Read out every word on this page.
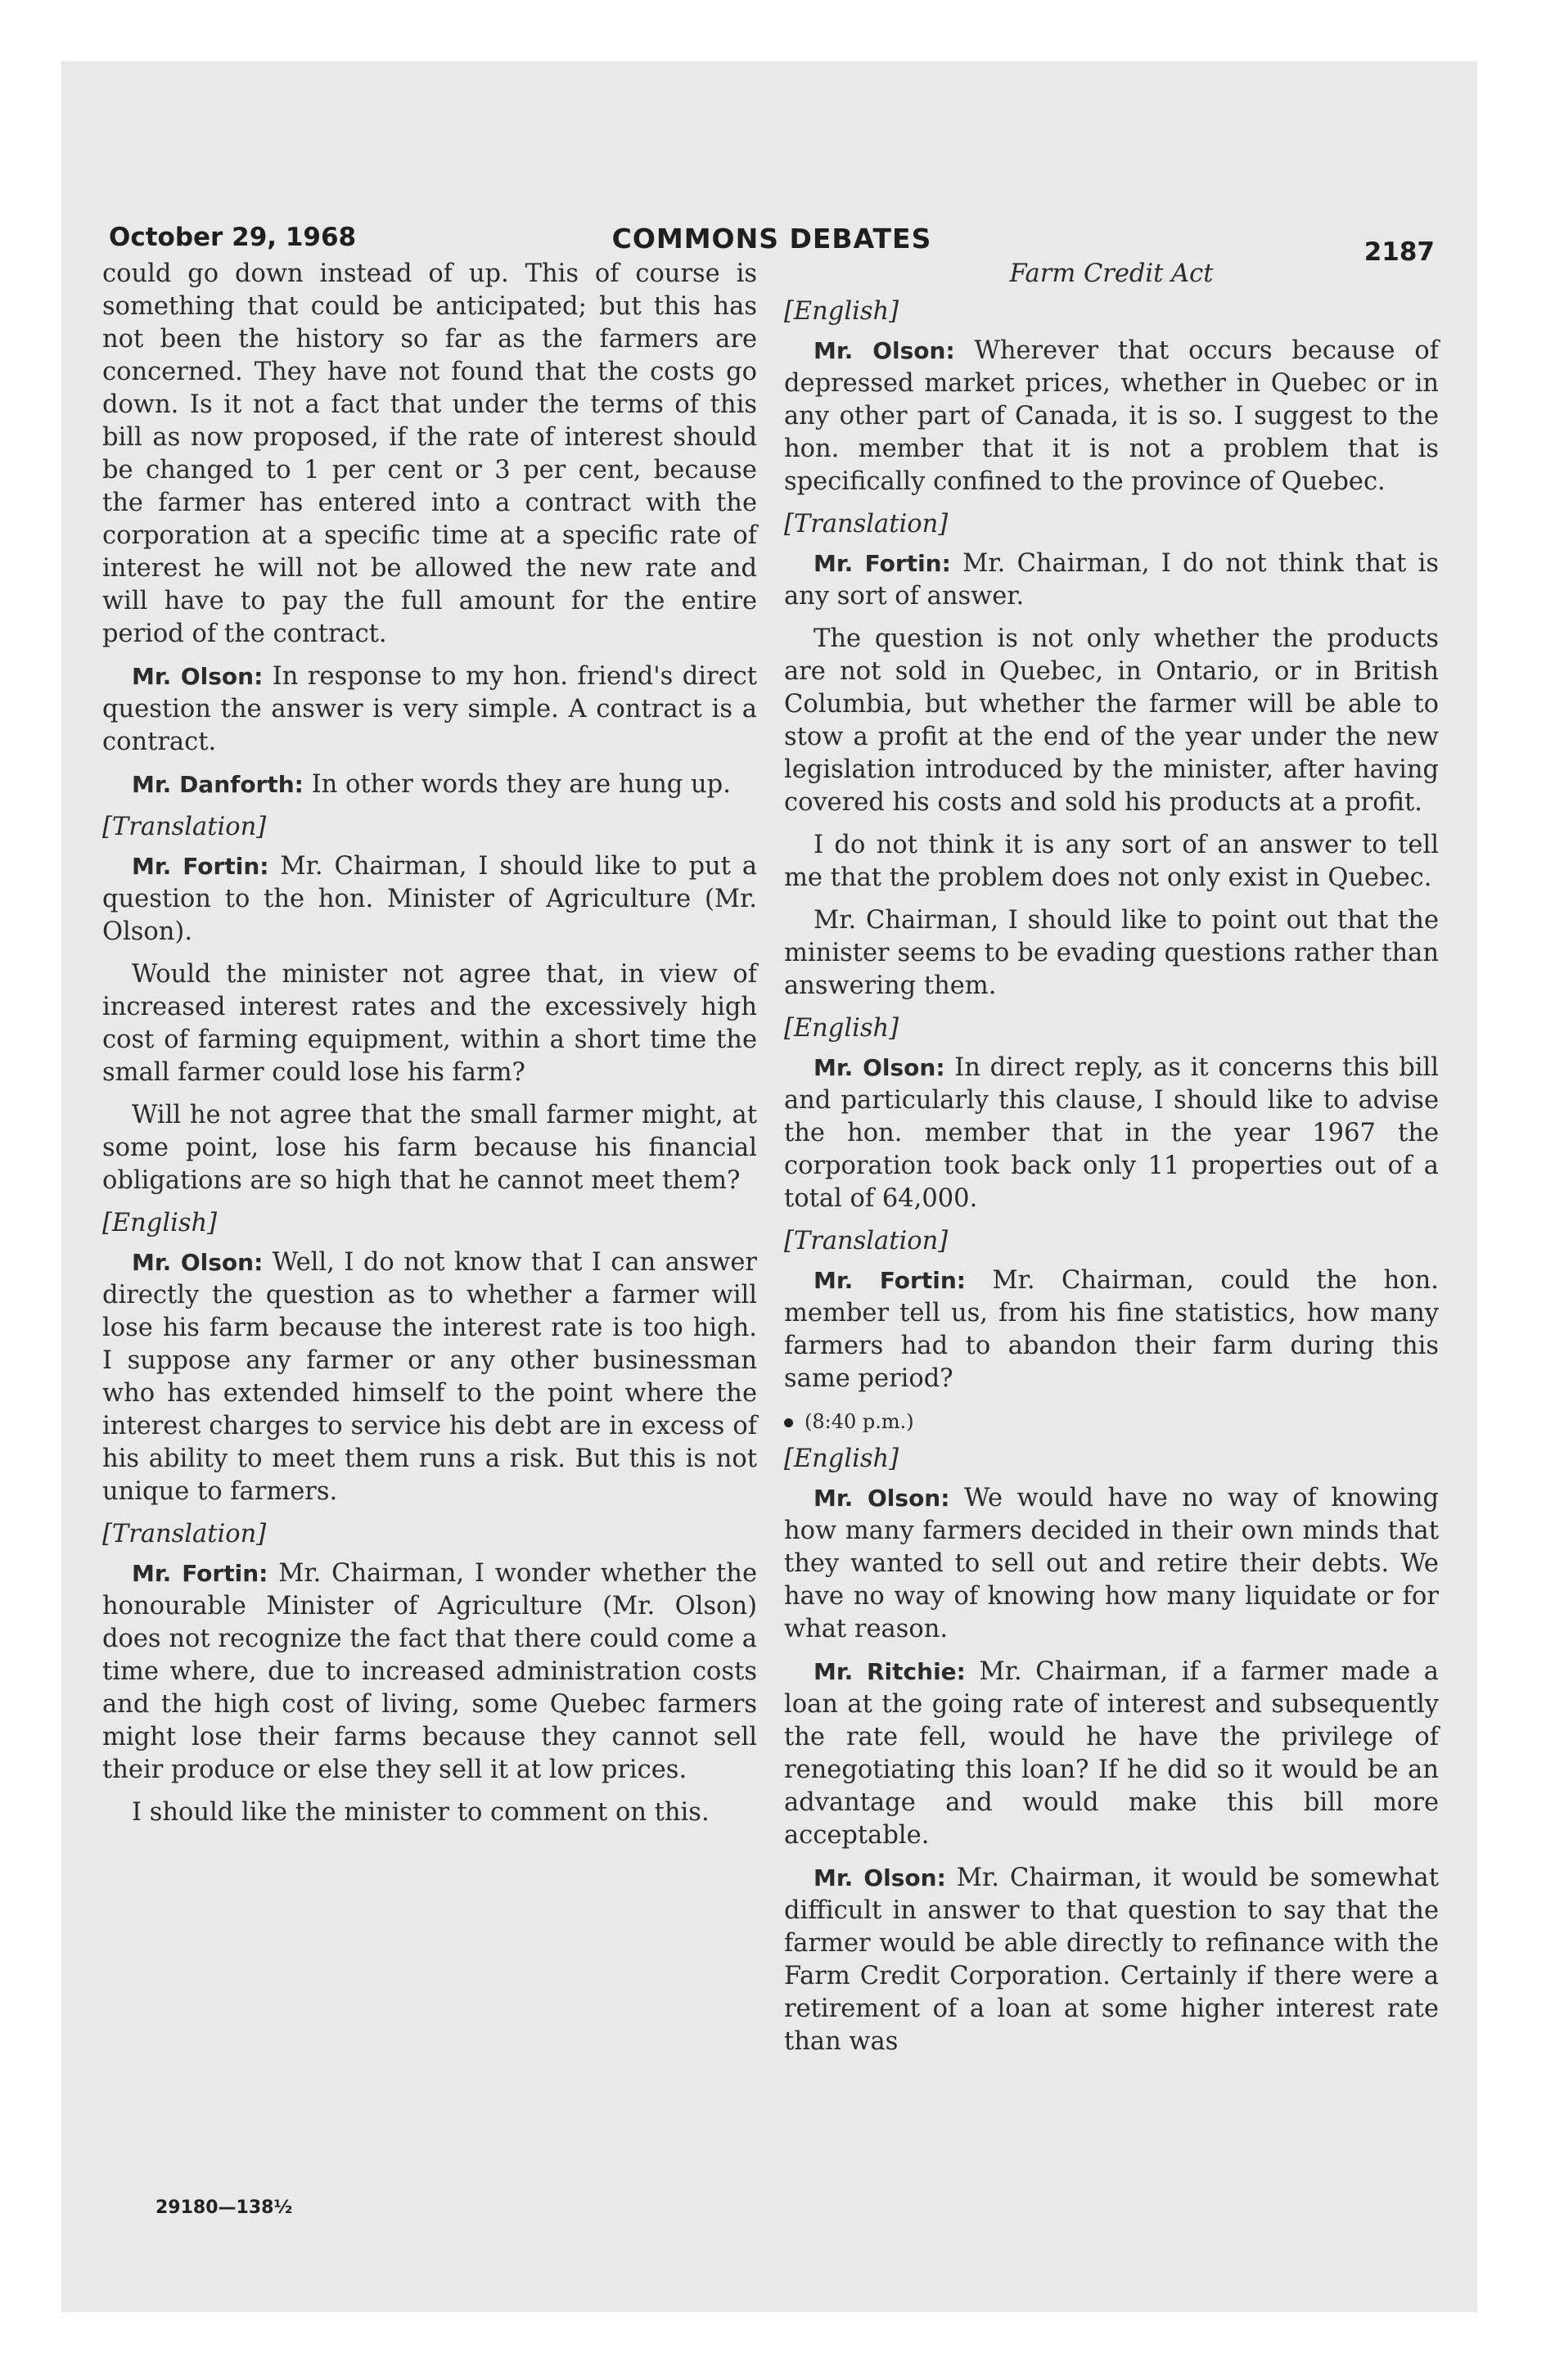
October 29, 1968	COMMONS DEBATES	2187

could go down instead of up. This of course is something that could be anticipated; but this has not been the history so far as the farmers are concerned. They have not found that the costs go down. Is it not a fact that under the terms of this bill as now proposed, if the rate of interest should be changed to 1 per cent or 3 per cent, because the farmer has entered into a contract with the corporation at a specific time at a specific rate of interest he will not be allowed the new rate and will have to pay the full amount for the entire period of the contract.

Mr. Olson: In response to my hon. friend's direct question the answer is very simple. A contract is a contract.

Mr. Danforth: In other words they are hung up.

[Translation]

Mr. Fortin: Mr. Chairman, I should like to put a question to the hon. Minister of Agriculture (Mr. Olson).

Would the minister not agree that, in view of increased interest rates and the excessively high cost of farming equipment, within a short time the small farmer could lose his farm?

Will he not agree that the small farmer might, at some point, lose his farm because his financial obligations are so high that he cannot meet them?

[English]

Mr. Olson: Well, I do not know that I can answer directly the question as to whether a farmer will lose his farm because the interest rate is too high. I suppose any farmer or any other businessman who has extended himself to the point where the interest charges to service his debt are in excess of his ability to meet them runs a risk. But this is not unique to farmers.

[Translation]

Mr. Fortin: Mr. Chairman, I wonder whether the honourable Minister of Agriculture (Mr. Olson) does not recognize the fact that there could come a time where, due to increased administration costs and the high cost of living, some Quebec farmers might lose their farms because they cannot sell their produce or else they sell it at low prices.

I should like the minister to comment on this.

Farm Credit Act
[English]

Mr. Olson: Wherever that occurs because of depressed market prices, whether in Quebec or in any other part of Canada, it is so. I suggest to the hon. member that it is not a problem that is specifically confined to the province of Quebec.

[Translation]

Mr. Fortin: Mr. Chairman, I do not think that is any sort of answer.

The question is not only whether the products are not sold in Quebec, in Ontario, or in British Columbia, but whether the farmer will be able to stow a profit at the end of the year under the new legislation introduced by the minister, after having covered his costs and sold his products at a profit.

I do not think it is any sort of an answer to tell me that the problem does not only exist in Quebec.

Mr. Chairman, I should like to point out that the minister seems to be evading questions rather than answering them.

[English]

Mr. Olson: In direct reply, as it concerns this bill and particularly this clause, I should like to advise the hon. member that in the year 1967 the corporation took back only 11 properties out of a total of 64,000.

[Translation]

Mr. Fortin: Mr. Chairman, could the hon. member tell us, from his fine statistics, how many farmers had to abandon their farm during this same period?

(8:40 p.m.)
[English]

Mr. Olson: We would have no way of knowing how many farmers decided in their own minds that they wanted to sell out and retire their debts. We have no way of knowing how many liquidate or for what reason.

Mr. Ritchie: Mr. Chairman, if a farmer made a loan at the going rate of interest and subsequently the rate fell, would he have the privilege of renegotiating this loan? If he did so it would be an advantage and would make this bill more acceptable.

Mr. Olson: Mr. Chairman, it would be somewhat difficult in answer to that question to say that the farmer would be able directly to refinance with the Farm Credit Corporation. Certainly if there were a retirement of a loan at some higher interest rate than was

29180—138½
